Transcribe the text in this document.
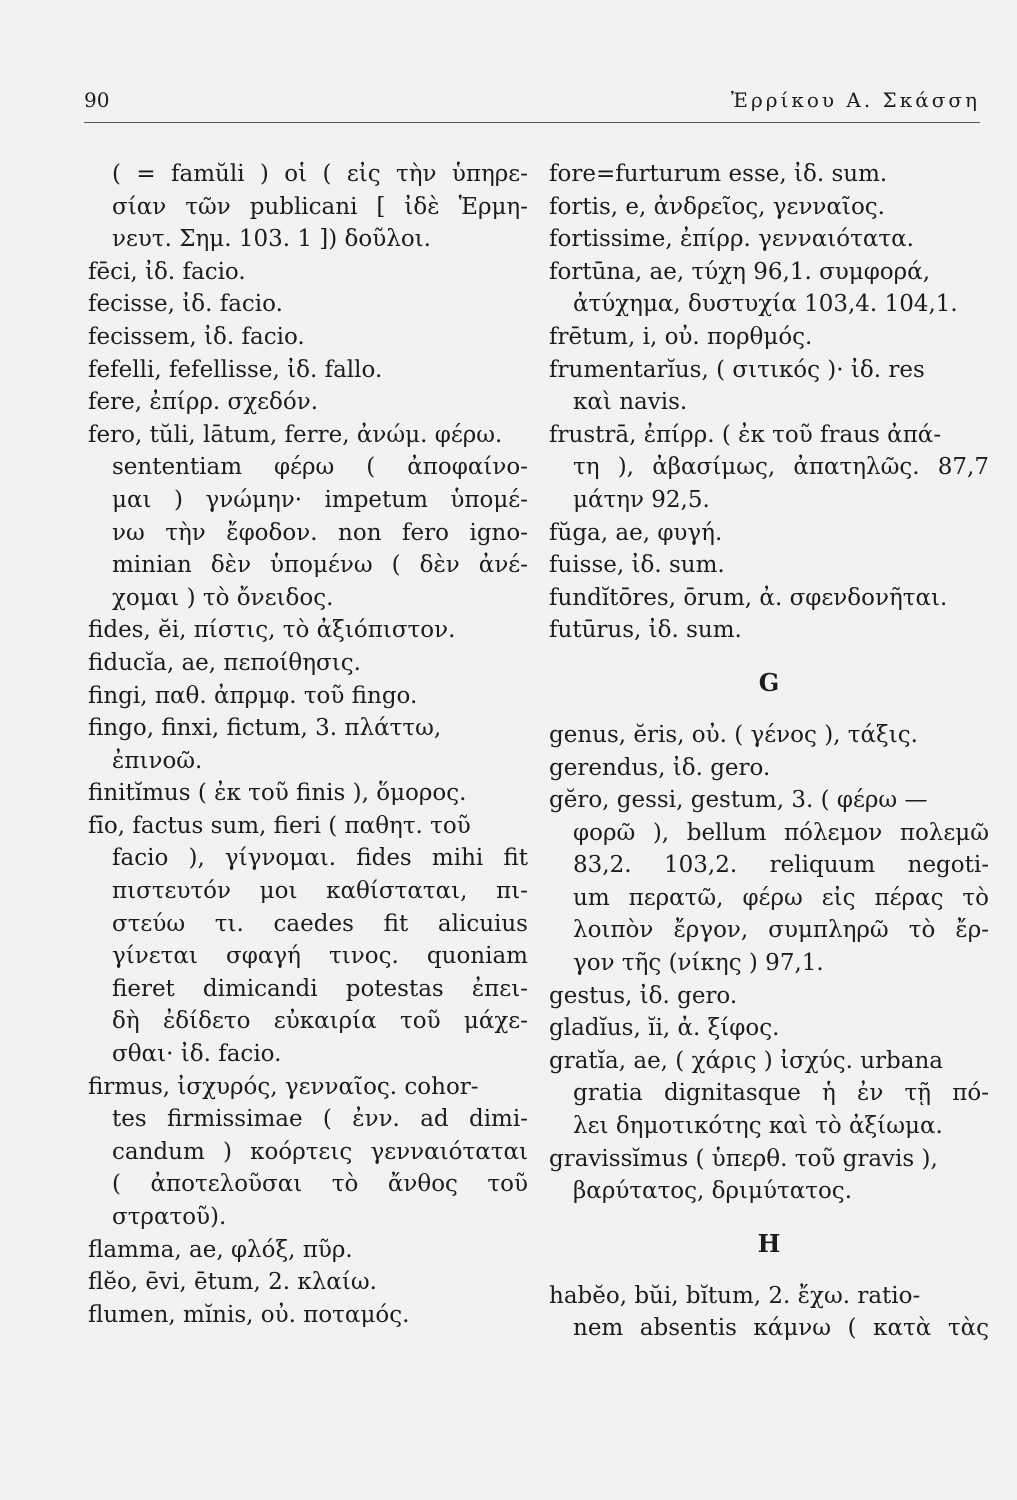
90	Ἐρρίκου Α. Σκάσση
( = famŭli ) οἱ ( εἰς τὴν ὑπηρε-
σίαν τῶν publicani [ ἰδὲ Ἑρμη-
νευτ. Σημ. 103. 1 ]) δοῦλοι.
fēci, ἰδ. facio.
fecisse, ἰδ. facio.
fecissem, ἰδ. facio.
fefelli, fefellisse, ἰδ. fallo.
fere, ἐπίρρ. σχεδόν.
fero, tŭli, lātum, ferre, ἀνώμ. φέρω.
sententiam φέρω ( ἀποφαίνο-
μαι ) γνώμην· impetum ὑπομέ-
νω τὴν ἔφοδον. non fero igno-
minian δὲν ὑπομένω ( δὲν ἀνέ-
χομαι ) τὸ ὄνειδος.
fides, ĕi, πίστις, τὸ ἀξιόπιστον.
fiducĭa, ae, πεποίθησις.
fingi, παθ. ἀπρμφ. τοῦ fingo.
fingo, finxi, fictum, 3. πλάττω,
ἐπινοῶ.
finitĭmus ( ἐκ τοῦ finis ), ὅμορος.
fīo, factus sum, fieri ( παθητ. τοῦ
facio ), γίγνομαι. fides mihi fit
πιστευτόν μοι καθίσταται, πι-
στεύω τι. caedes fit alicuius
γίνεται σφαγή τινος. quoniam
fieret dimicandi potestas ἐπει-
δὴ ἐδίδετο εὐκαιρία τοῦ μάχε-
σθαι· ἰδ. facio.
firmus, ἰσχυρός, γενναῖος. cohor-
tes firmissimae ( ἐνν. ad dimi-
candum ) κοόρτεις γενναιόταται
( ἀποτελοῦσαι τὸ ἄνθος τοῦ
στρατοῦ).
flamma, ae, φλόξ, πῦρ.
flĕo, ēvi, ētum, 2. κλαίω.
flumen, mĭnis, οὐ. ποταμός.
fore=furturum esse, ἰδ. sum.
fortis, e, ἀνδρεῖος, γενναῖος.
fortissime, ἐπίρρ. γενναιότατα.
fortūna, ae, τύχη 96,1. συμφορά,
ἀτύχημα, δυστυχία 103,4. 104,1.
frētum, i, οὐ. πορθμός.
frumentarĭus, ( σιτικός )· ἰδ. res
καὶ navis.
frustrā, ἐπίρρ. ( ἐκ τοῦ fraus ἀπά-
τη ), ἀβασίμως, ἀπατηλῶς. 87,7
μάτην 92,5.
fŭga, ae, φυγή.
fuisse, ἰδ. sum.
fundĭtōres, ōrum, ἀ. σφενδονῆται.
futūrus, ἰδ. sum.
G
genus, ĕris, οὐ. ( γένος ), τάξις.
gerendus, ἰδ. gero.
gĕro, gessi, gestum, 3. ( φέρω —
φορῶ ), bellum πόλεμον πολεμῶ
83,2. 103,2. reliquum negoti-
um περατῶ, φέρω εἰς πέρας τὸ
λοιπὸν ἔργον, συμπληρῶ τὸ ἔρ-
γον τῆς (νίκης ) 97,1.
gestus, ἰδ. gero.
gladĭus, ĭi, ἀ. ξίφος.
gratĭa, ae, ( χάρις ) ἰσχύς. urbana
gratia dignitasque ἡ ἐν τῇ πό-
λει δημοτικότης καὶ τὸ ἀξίωμα.
gravissĭmus ( ὑπερθ. τοῦ gravis ),
βαρύτατος, δριμύτατος.
H
habĕo, bŭi, bĭtum, 2. ἔχω. ratio-
nem absentis κάμνω ( κατὰ τὰς
